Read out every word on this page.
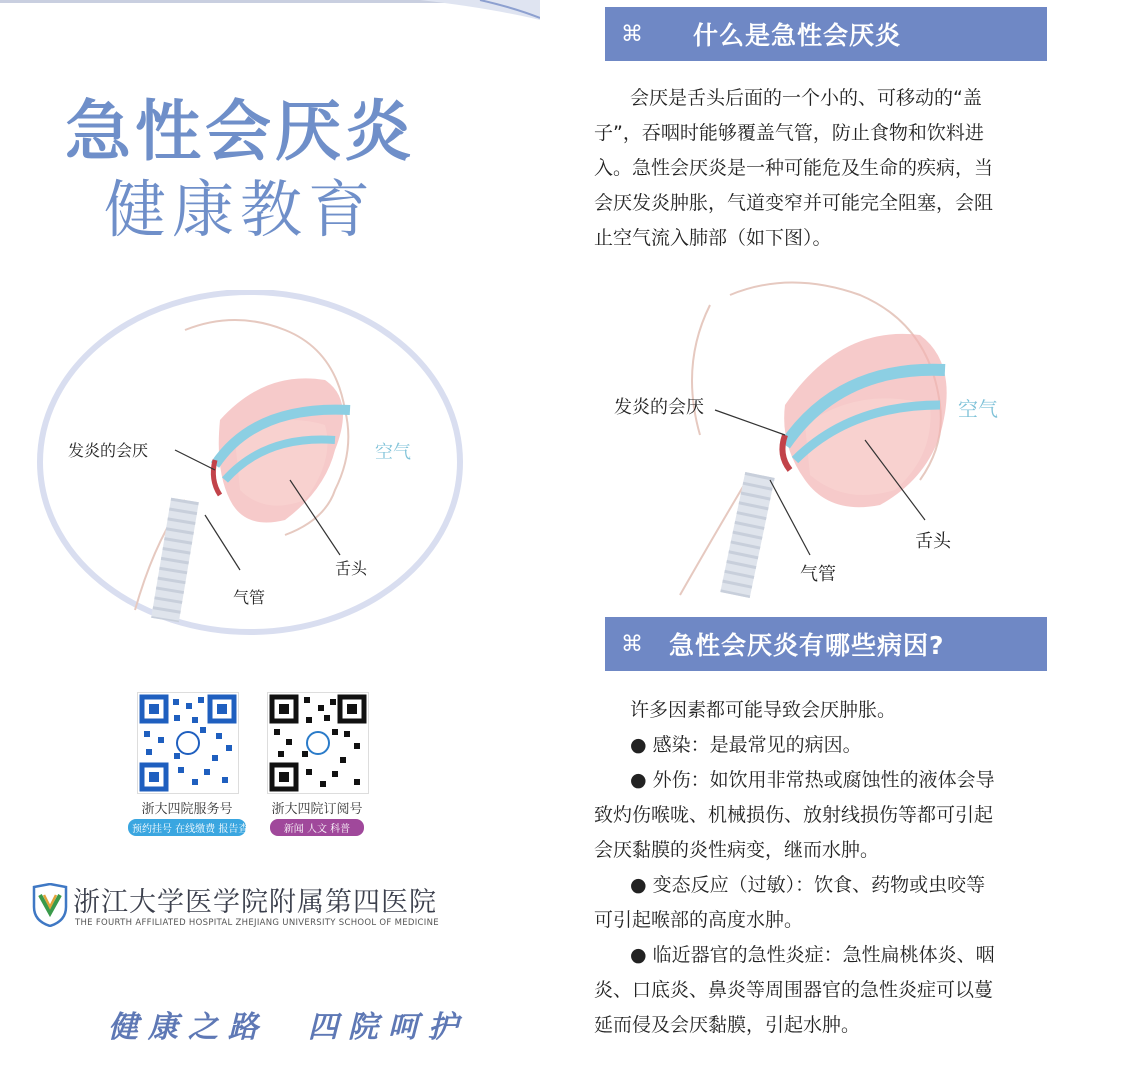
急性会厌炎
健康教育
发炎的会厌	空气
舌头
气管
浙大四院服务号
预约挂号 在线缴费 报告查询
浙大四院订阅号
新闻 人文 科普
浙江大学医学院附属第四医院
THE FOURTH AFFILIATED HOSPITAL ZHEJIANG UNIVERSITY SCHOOL OF MEDICINE
健康之路　四院呵护
⌘ 什么是急性会厌炎
会厌是舌头后面的一个小的、可移动的“盖
子”，吞咽时能够覆盖气管，防止食物和饮料进
入。急性会厌炎是一种可能危及生命的疾病，当
会厌发炎肿胀，气道变窄并可能完全阻塞，会阻
止空气流入肺部（如下图）。
发炎的会厌	空气
舌头
气管
⌘ 急性会厌炎有哪些病因?
许多因素都可能导致会厌肿胀。
● 感染：是最常见的病因。
● 外伤：如饮用非常热或腐蚀性的液体会导
致灼伤喉咙、机械损伤、放射线损伤等都可引起
会厌黏膜的炎性病变，继而水肿。
● 变态反应（过敏）：饮食、药物或虫咬等
可引起喉部的高度水肿。
● 临近器官的急性炎症：急性扁桃体炎、咽
炎、口底炎、鼻炎等周围器官的急性炎症可以蔓
延而侵及会厌黏膜，引起水肿。
